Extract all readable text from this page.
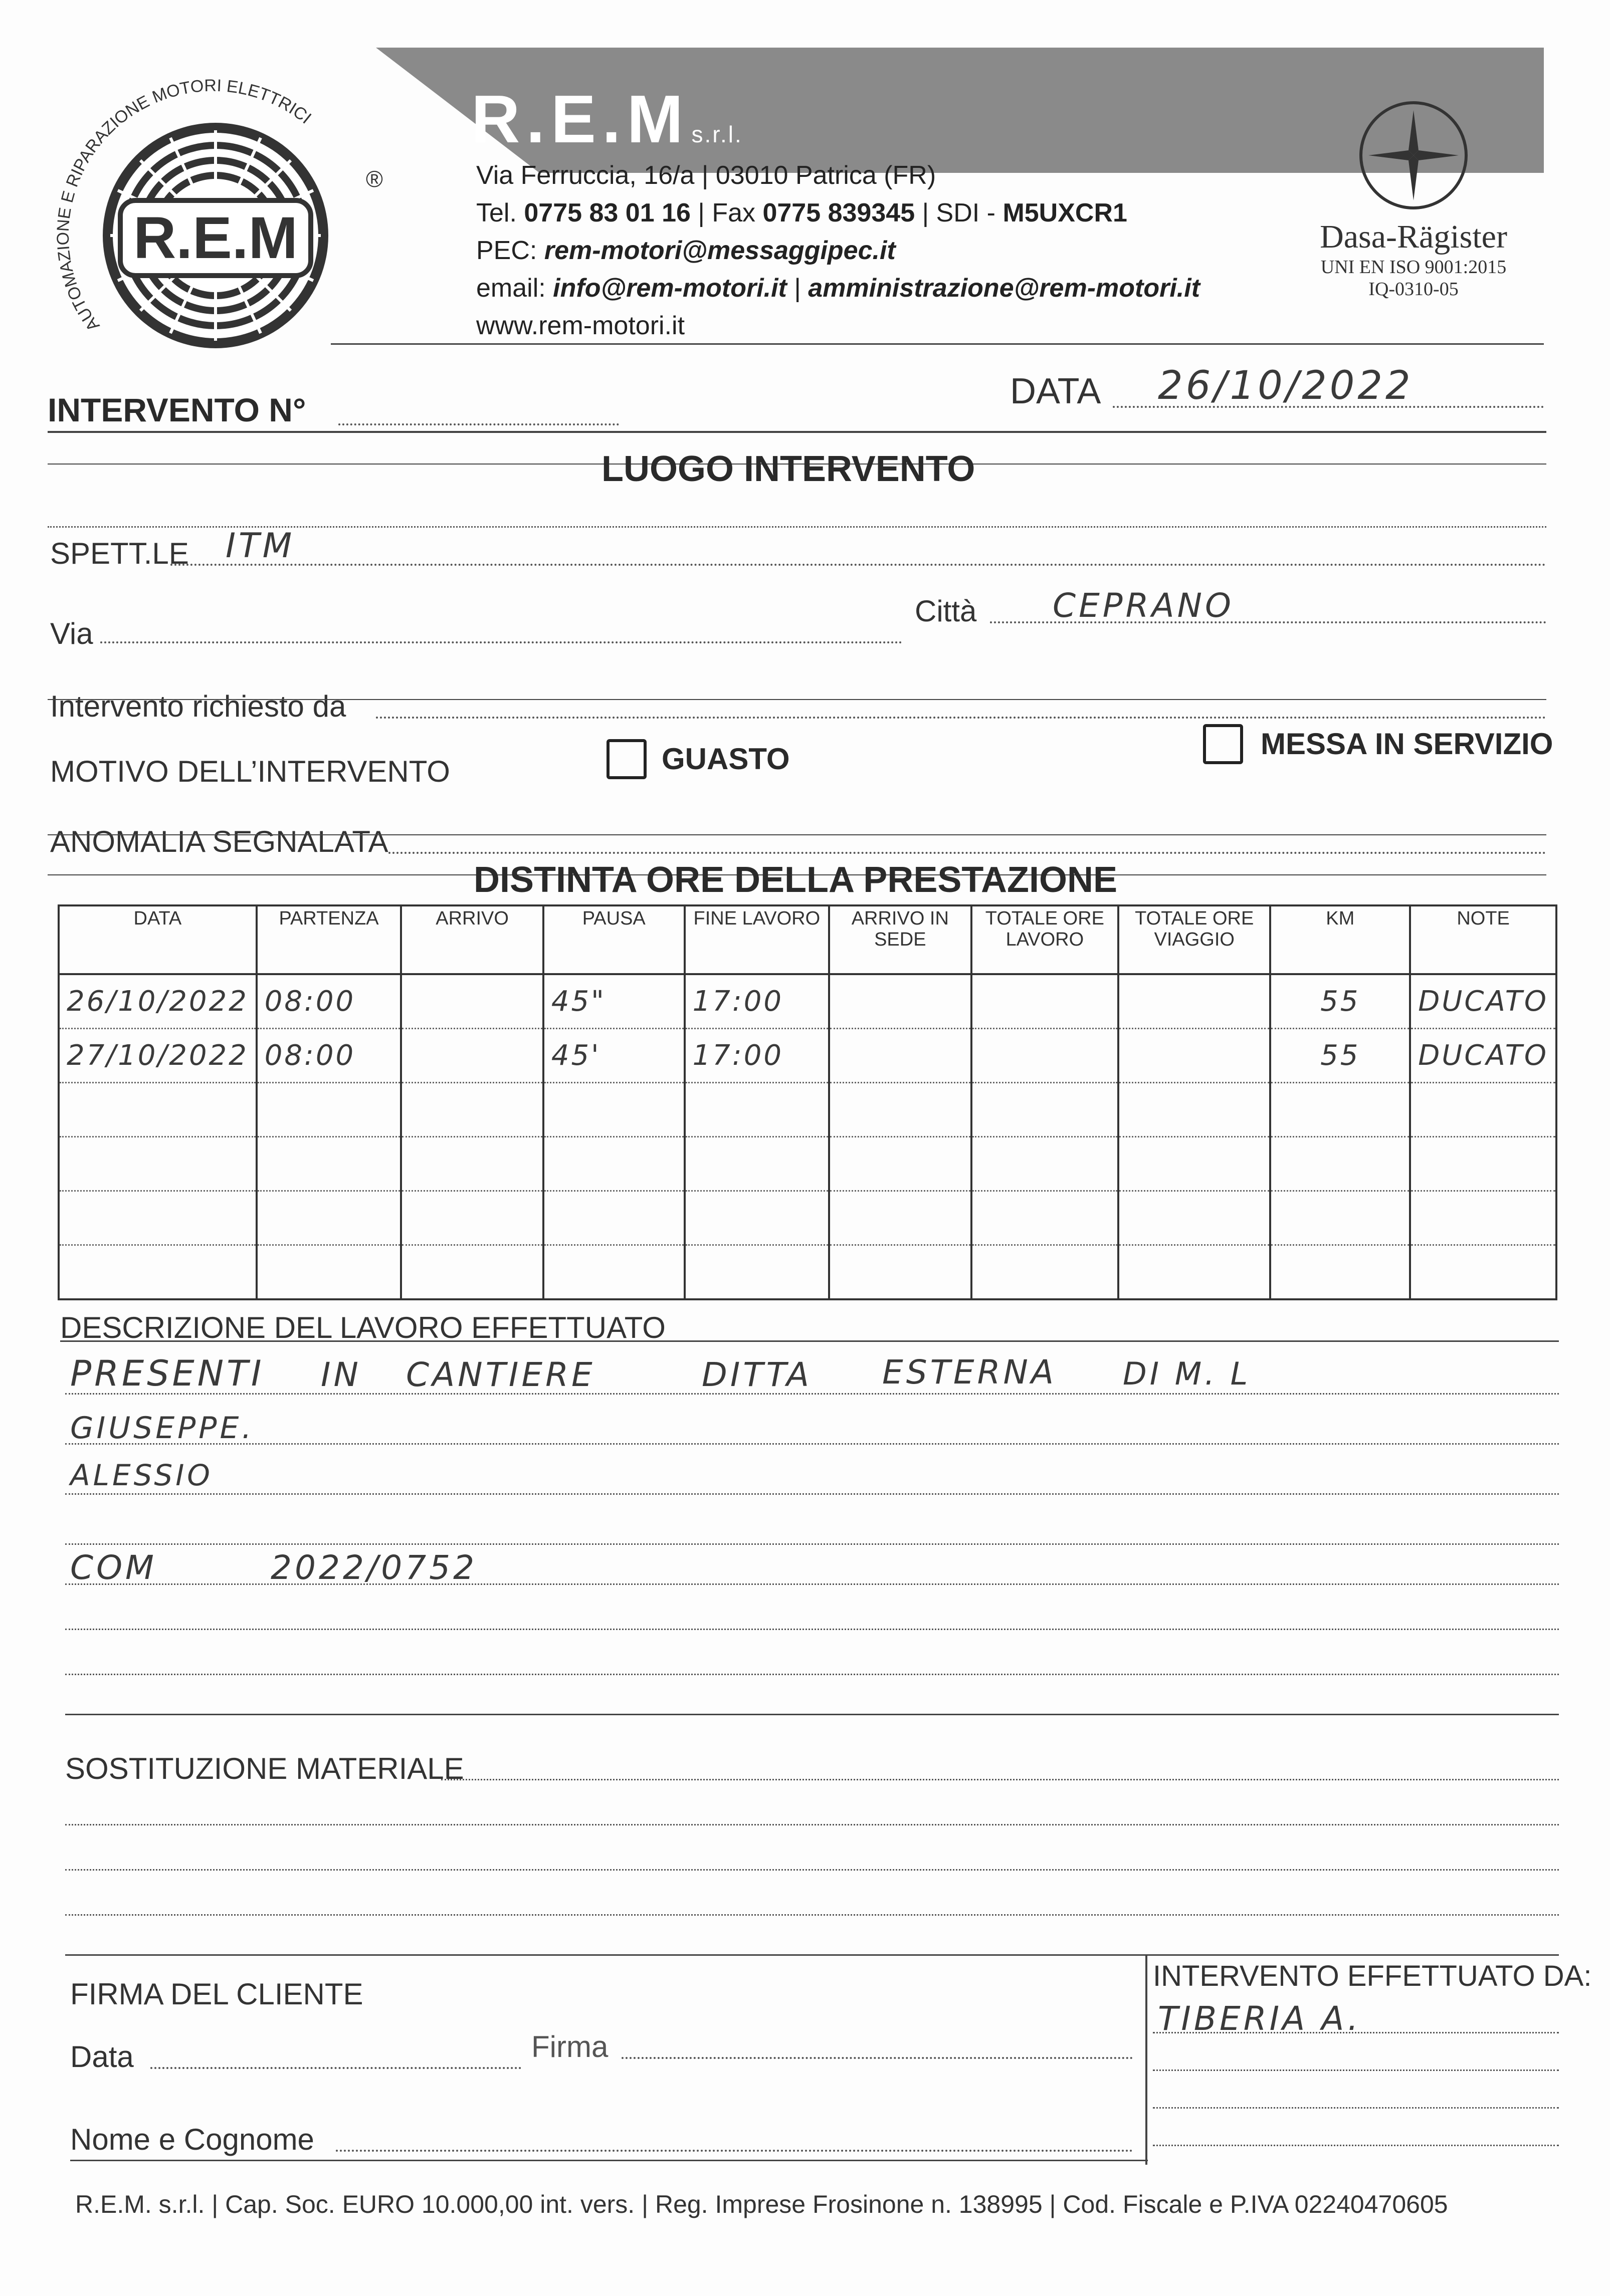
AUTOMAZIONE E RIPARAZIONE MOTORI ELETTRICI
R.E.M
®
R.E.M s.r.l.
Via Ferruccia, 16/a | 03010 Patrica (FR)
Tel. 0775 83 01 16 | Fax 0775 839345 | SDI - M5UXCR1
PEC: rem-motori@messaggipec.it
email: info@rem-motori.it | amministrazione@rem-motori.it
www.rem-motori.it
Dasa-Rägister
UNI EN ISO 9001:2015
IQ-0310-05
INTERVENTO N°	DATA 26/10/2022
LUOGO INTERVENTO
SPETT.LE ITM
Via
Città CEPRANO
Intervento richiesto da
MOTIVO DELL’INTERVENTO	GUASTO	MESSA IN SERVIZIO
ANOMALIA SEGNALATA
DISTINTA ORE DELLA PRESTAZIONE
DATA	PARTENZA	ARRIVO	PAUSA	FINE LAVORO	ARRIVO IN SEDE	TOTALE ORE LAVORO	TOTALE ORE VIAGGIO	KM	NOTE
26/10/2022	08:00		45"	17:00				55	DUCATO
27/10/2022	08:00		45'	17:00				55	DUCATO

DESCRIZIONE DEL LAVORO EFFETTUATO
PRESENTI IN CANTIERE	DITTA ESTERNA DI M. L
GIUSEPPE.
ALESSIO
COM	2022/0752
SOSTITUZIONE MATERIALE
FIRMA DEL CLIENTE
Data	Firma
Nome e Cognome
INTERVENTO EFFETTUATO DA:
TIBERIA A.
R.E.M. s.r.l. | Cap. Soc. EURO 10.000,00 int. vers. | Reg. Imprese Frosinone n. 138995 | Cod. Fiscale e P.IVA 02240470605
